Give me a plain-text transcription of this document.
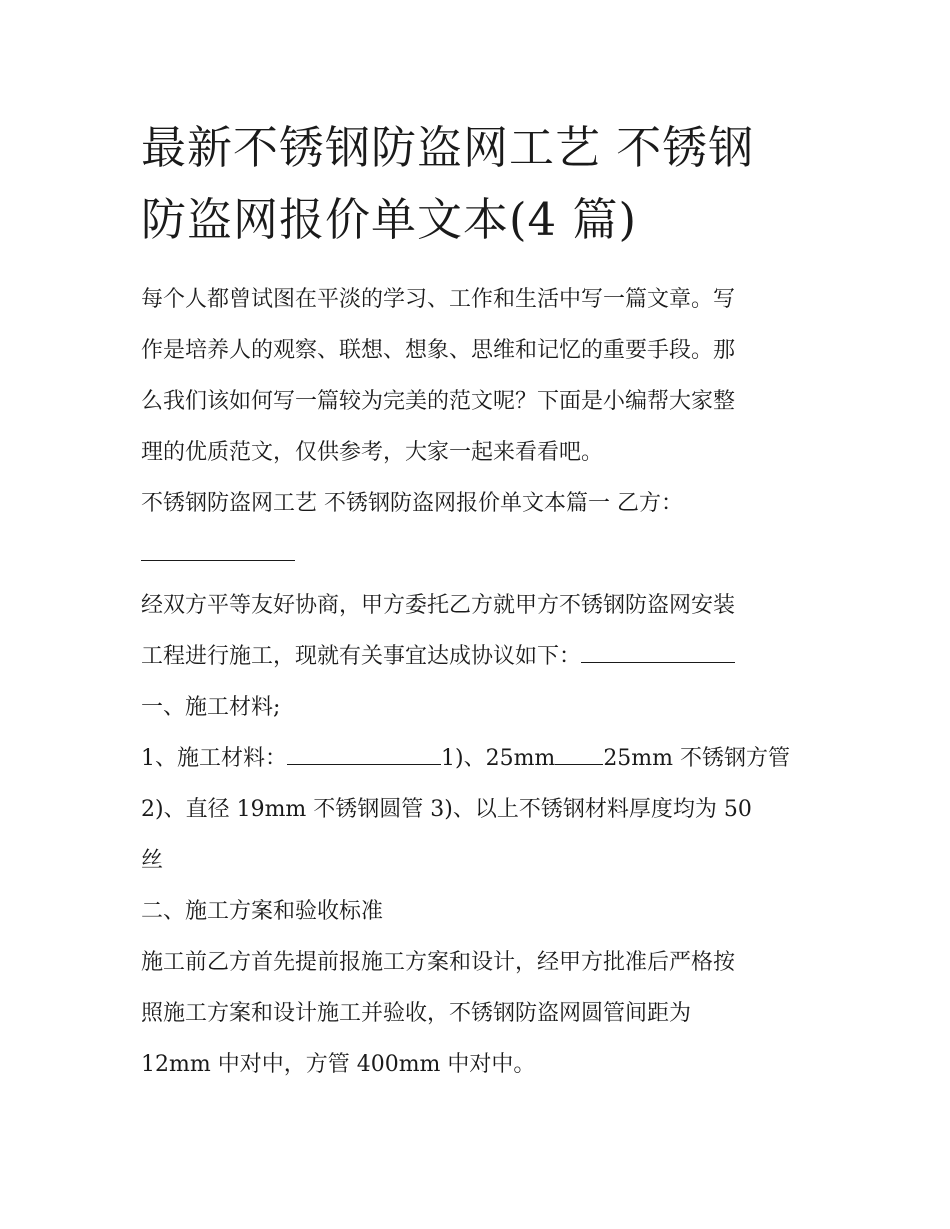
最新不锈钢防盗网工艺 不锈钢
防盗网报价单文本(4 篇)

每个人都曾试图在平淡的学习、工作和生活中写一篇文章。写

作是培养人的观察、联想、想象、思维和记忆的重要手段。那

么我们该如何写一篇较为完美的范文呢？下面是小编帮大家整

理的优质范文，仅供参考，大家一起来看看吧。

不锈钢防盗网工艺 不锈钢防盗网报价单文本篇一 乙方：

经双方平等友好协商，甲方委托乙方就甲方不锈钢防盗网安装

工程进行施工，现就有关事宜达成协议如下：

一、施工材料;

1、施工材料：	1)、25mm 25mm 不锈钢方管

2)、直径 19mm 不锈钢圆管 3)、以上不锈钢材料厚度均为 50

丝

二、施工方案和验收标准

施工前乙方首先提前报施工方案和设计，经甲方批准后严格按

照施工方案和设计施工并验收，不锈钢防盗网圆管间距为

12mm 中对中，方管 400mm 中对中。
